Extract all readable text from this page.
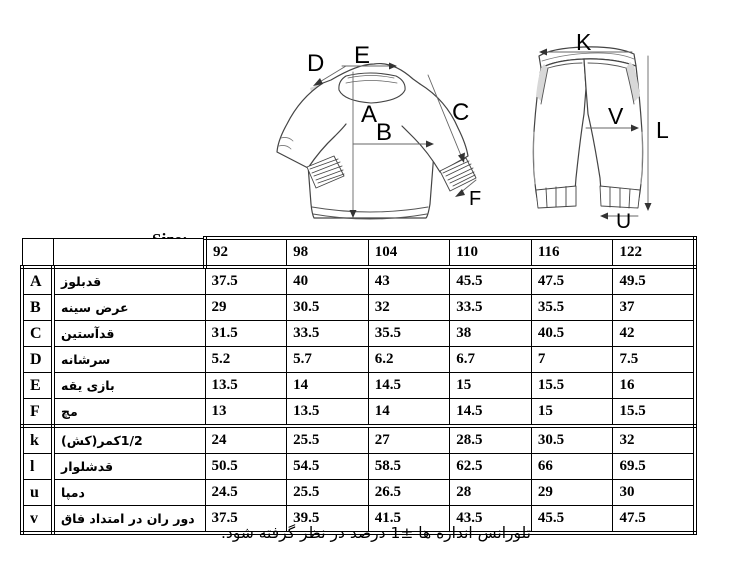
A
B
C
D E
F
K
L
U
V
		92	98	104	110	116	122
A	قدبلوز	37.5	40	43	45.5	47.5	49.5
B	عرض سینه	29	30.5	32	33.5	35.5	37
C	قدآستین	31.5	33.5	35.5	38	40.5	42
D	سرشانه	5.2	5.7	6.2	6.7	7	7.5
E	بازی یقه	13.5	14	14.5	15	15.5	16
F	مچ	13	13.5	14	14.5	15	15.5
k	1/2کمر(کش)	24	25.5	27	28.5	30.5	32
l	قدشلوار	50.5	54.5	58.5	62.5	66	69.5
u	دمپا	24.5	25.5	26.5	28	29	30
v	دور ران در امتداد فاق	37.5	39.5	41.5	43.5	45.5	47.5
تلورانس اندازه ها ±1 درصد در نظر گرفته شود.
